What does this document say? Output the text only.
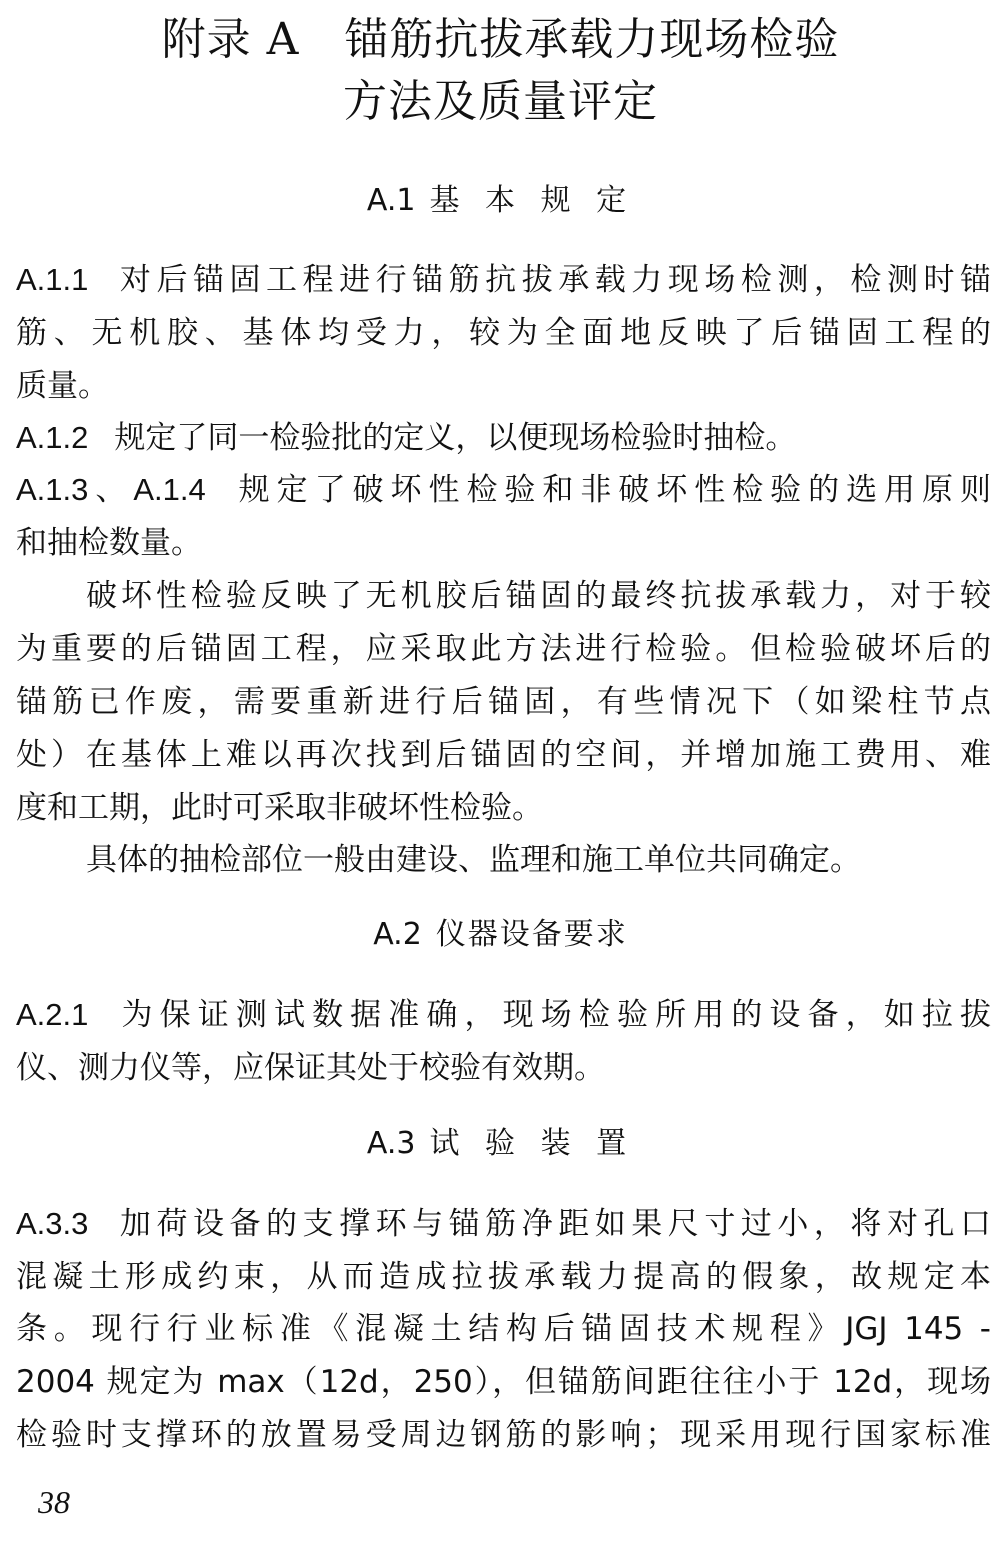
附录 A　锚筋抗拔承载力现场检验
方法及质量评定
A.1 基 本 规 定
A.1.1 对后锚固工程进行锚筋抗拔承载力现场检测，检测时锚
筋、无机胶、基体均受力，较为全面地反映了后锚固工程的
质量。
A.1.2 规定了同一检验批的定义，以便现场检验时抽检。
A.1.3、A.1.4 规定了破坏性检验和非破坏性检验的选用原则
和抽检数量。
破坏性检验反映了无机胶后锚固的最终抗拔承载力，对于较
为重要的后锚固工程，应采取此方法进行检验。但检验破坏后的
锚筋已作废，需要重新进行后锚固，有些情况下（如梁柱节点
处）在基体上难以再次找到后锚固的空间，并增加施工费用、难
度和工期，此时可采取非破坏性检验。
具体的抽检部位一般由建设、监理和施工单位共同确定。
A.2 仪器设备要求
A.2.1 为保证测试数据准确，现场检验所用的设备，如拉拔
仪、测力仪等，应保证其处于校验有效期。
A.3 试 验 装 置
A.3.3 加荷设备的支撑环与锚筋净距如果尺寸过小，将对孔口
混凝土形成约束，从而造成拉拔承载力提高的假象，故规定本
条。现行行业标准《混凝土结构后锚固技术规程》JGJ 145 -
2004 规定为 max（12d，250），但锚筋间距往往小于 12d，现场
检验时支撑环的放置易受周边钢筋的影响；现采用现行国家标准
38
